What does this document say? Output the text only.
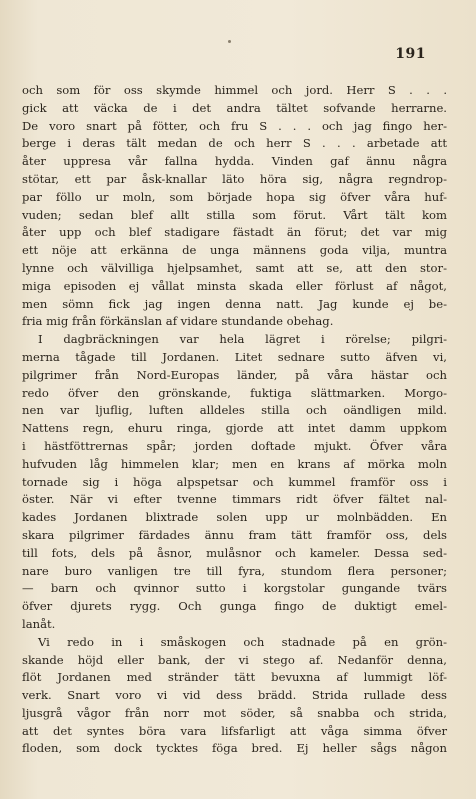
191
och som för oss skymde himmel och jord. Herr S . . .
gick att väcka de i det andra tältet sofvande herrarne.
De voro snart på fötter, och fru S . . . och jag fingo her-
berge i deras tält medan de och herr S . . . arbetade att
åter uppresa vår fallna hydda. Vinden gaf ännu några
stötar, ett par åsk-knallar läto höra sig, några regndrop-
par föllo ur moln, som började hopa sig öfver våra huf-
vuden; sedan blef allt stilla som förut. Vårt tält kom
åter upp och blef stadigare fästadt än förut; det var mig
ett nöje att erkänna de unga männens goda vilja, muntra
lynne och välvilliga hjelpsamhet, samt att se, att den stor-
miga episoden ej vållat minsta skada eller förlust af något,
men sömn fick jag ingen denna natt. Jag kunde ej be-
fria mig från förkänslan af vidare stundande obehag.
I dagbräckningen var hela lägret i rörelse; pilgri-
merna tågade till Jordanen. Litet sednare sutto äfven vi,
pilgrimer från Nord-Europas länder, på våra hästar och
redo öfver den grönskande, fuktiga slättmarken. Morgo-
nen var ljuflig, luften alldeles stilla och oändligen mild.
Nattens regn, ehuru ringa, gjorde att intet damm uppkom
i hästföttrernas spår; jorden doftade mjukt. Öfver våra
hufvuden låg himmelen klar; men en krans af mörka moln
tornade sig i höga alpspetsar och kummel framför oss i
öster. När vi efter tvenne timmars ridt öfver fältet nal-
kades Jordanen blixtrade solen upp ur molnbädden. En
skara pilgrimer färdades ännu fram tätt framför oss, dels
till fots, dels på åsnor, mulåsnor och kameler. Dessa sed-
nare buro vanligen tre till fyra, stundom flera personer;
— barn och qvinnor sutto i korgstolar gungande tvärs
öfver djurets rygg. Och gunga fingo de duktigt emel-
lanåt.
Vi redo in i småskogen och stadnade på en grön-
skande höjd eller bank, der vi stego af. Nedanför denna,
flöt Jordanen med stränder tätt bevuxna af lummigt löf-
verk. Snart voro vi vid dess brädd. Strida rullade dess
ljusgrå vågor från norr mot söder, så snabba och strida,
att det syntes böra vara lifsfarligt att våga simma öfver
floden, som dock tycktes föga bred. Ej heller sågs någon
